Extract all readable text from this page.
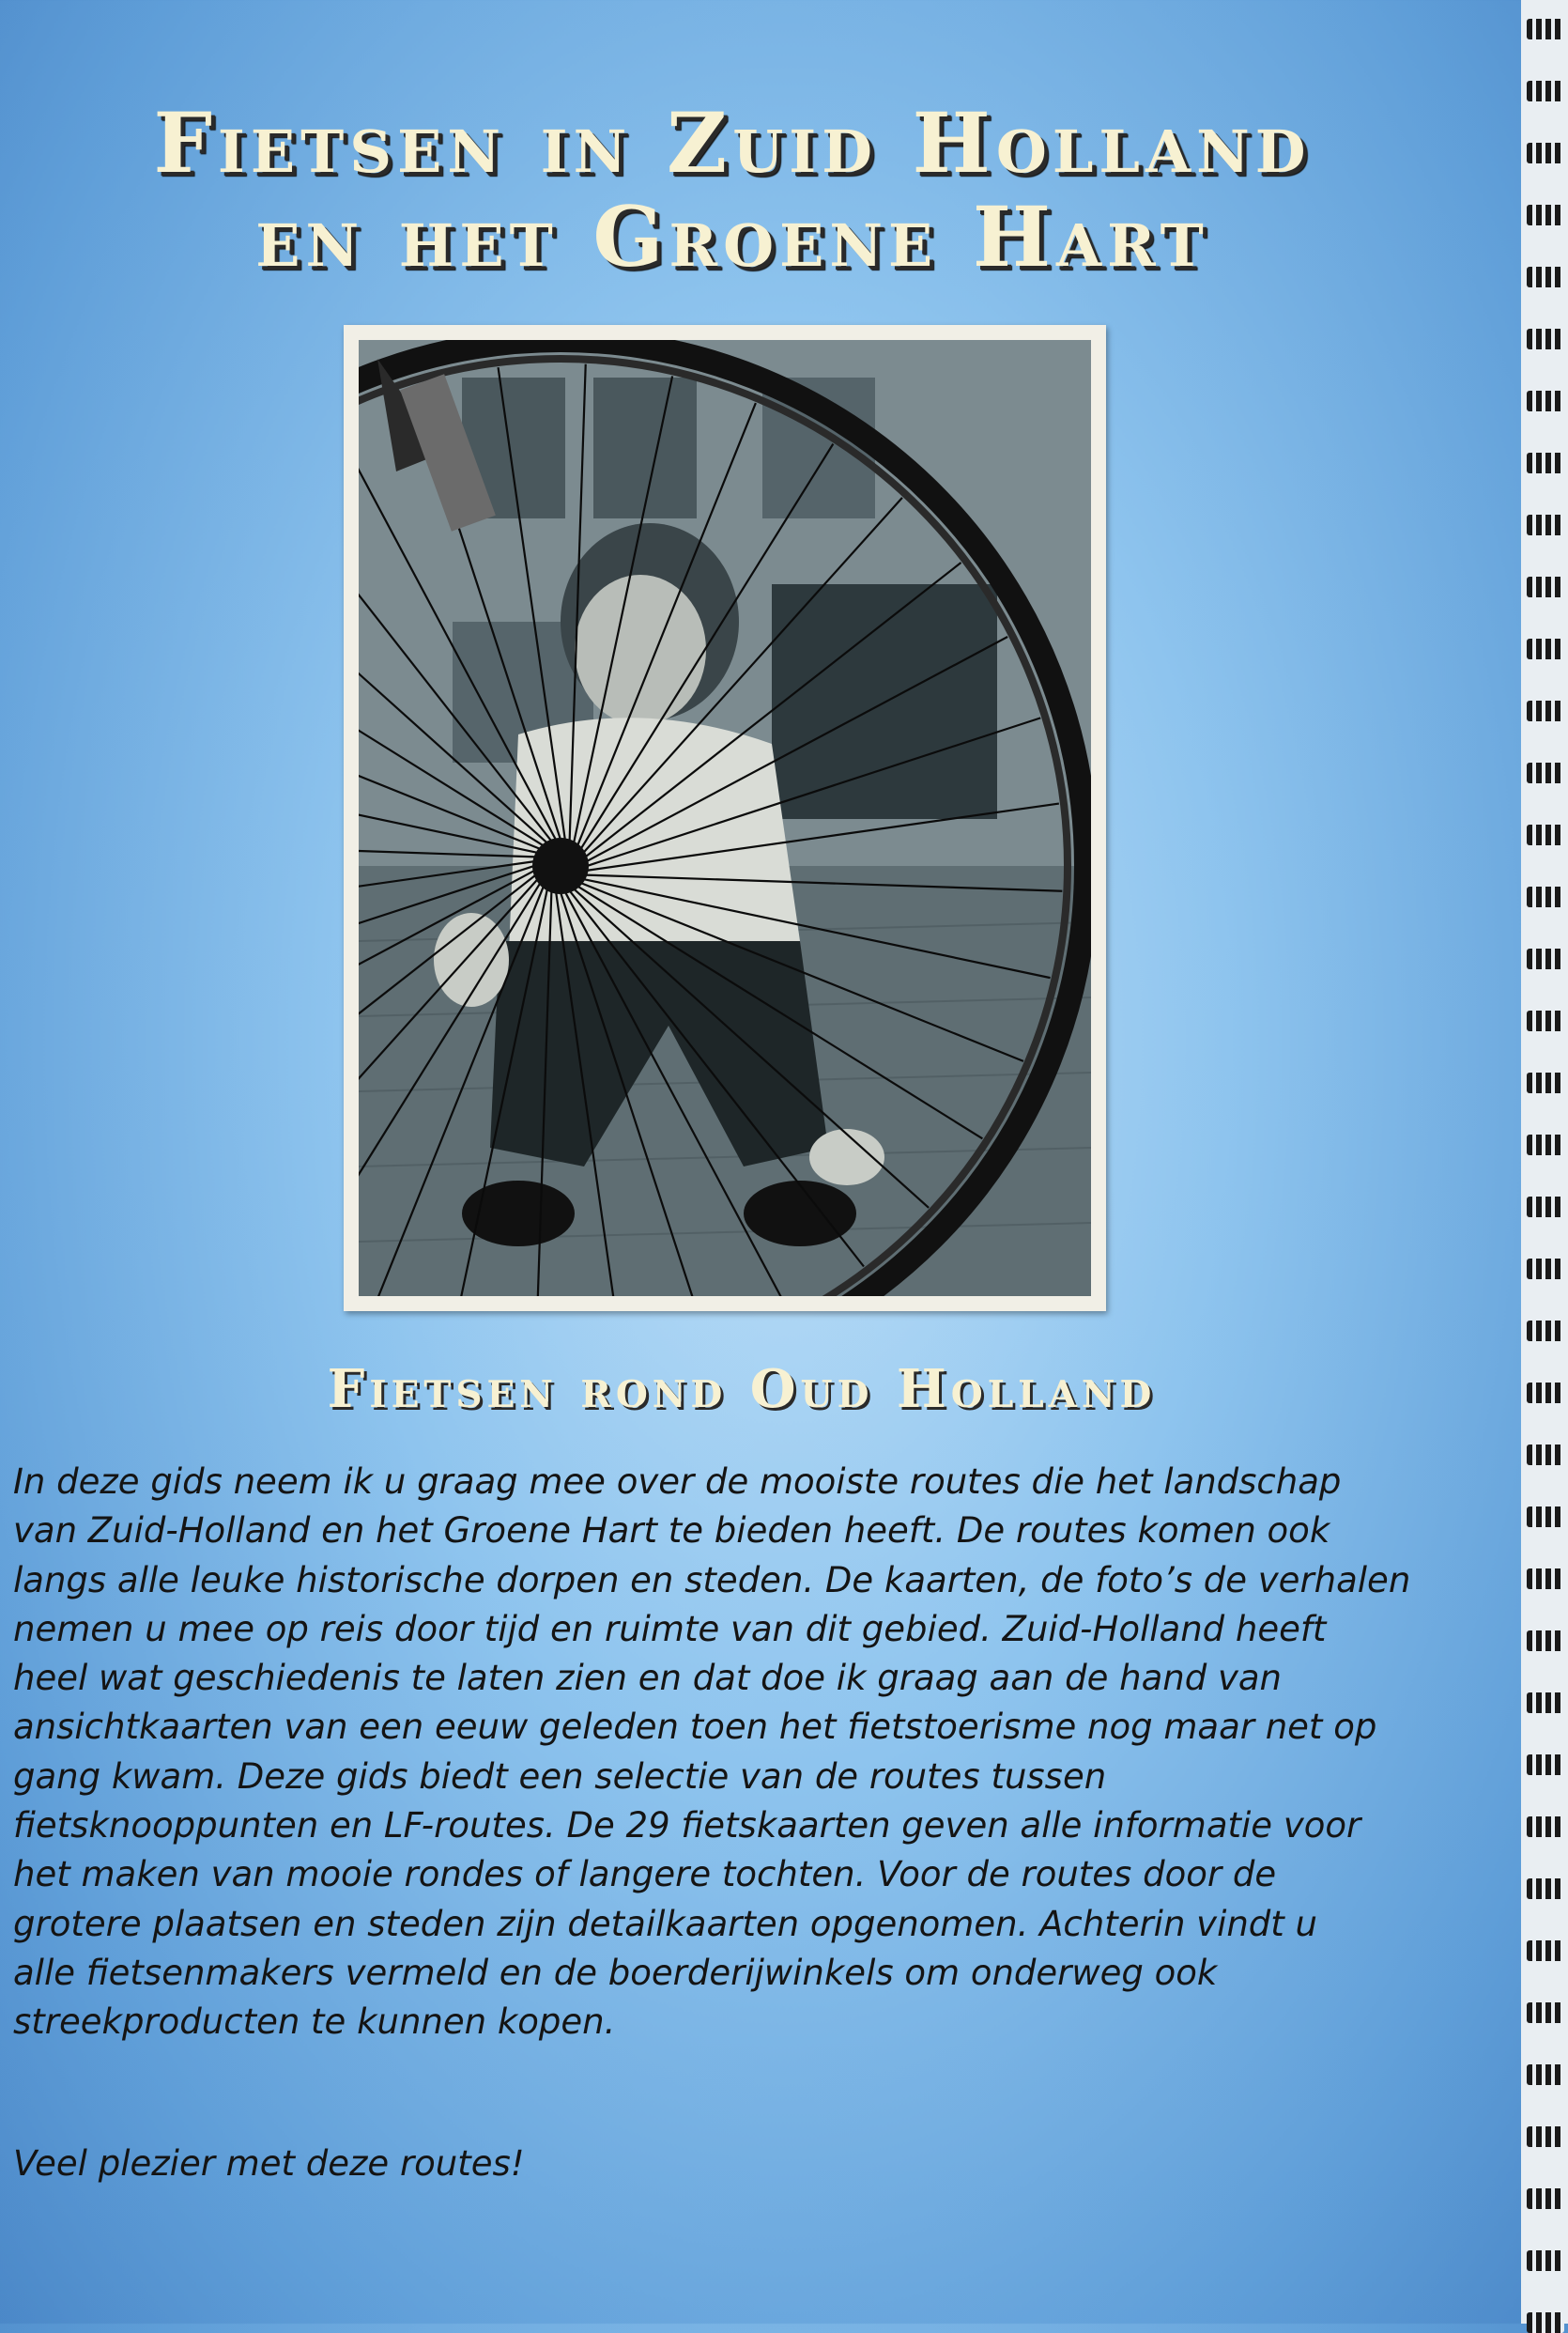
Fietsen in Zuid Holland
en het Groene Hart
Fietsen rond Oud Holland
In deze gids neem ik u graag mee over de mooiste routes die het landschap
van Zuid-Holland en het Groene Hart te bieden heeft. De routes komen ook
langs alle leuke historische dorpen en steden. De kaarten, de foto’s de verhalen
nemen u mee op reis door tijd en ruimte van dit gebied. Zuid-Holland heeft
heel wat geschiedenis te laten zien en dat doe ik graag aan de hand van
ansichtkaarten van een eeuw geleden toen het fietstoerisme nog maar net op
gang kwam. Deze gids biedt een selectie van de routes tussen
fietsknooppunten en LF-routes. De 29 fietskaarten geven alle informatie voor
het maken van mooie rondes of langere tochten. Voor de routes door de
grotere plaatsen en steden zijn detailkaarten opgenomen. Achterin vindt u
alle fietsenmakers vermeld en de boerderijwinkels om onderweg ook
streekproducten te kunnen kopen.

Veel plezier met deze routes!
